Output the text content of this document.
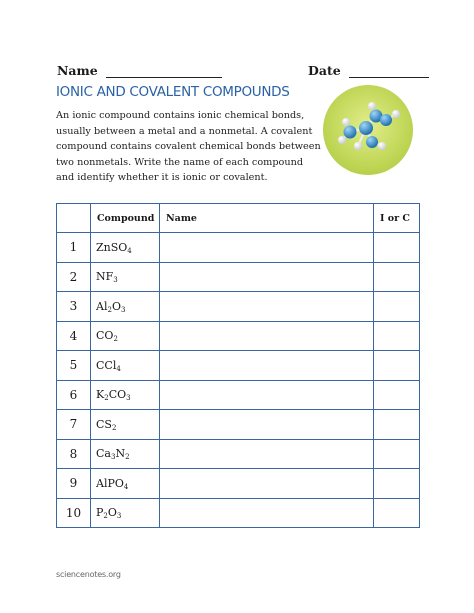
Name	Date
IONIC AND COVALENT COMPOUNDS
An ionic compound contains ionic chemical bonds, usually between a metal and a nonmetal. A covalent compound contains covalent chemical bonds between two nonmetals. Write the name of each compound and identify whether it is ionic or covalent.
	Compound	Name	I or C
1	ZnSO$_4$		
2	$NF_3$		
3	$Al_2O_3$		
4	$CO_2$		
5	CCl$_4$		
6	$K_2CO_3$		
7	$CS_2$		
8	$Ca_3N_2$		
9	AlPO$_4$		
10	$P_2O_3$		
sciencenotes.org
